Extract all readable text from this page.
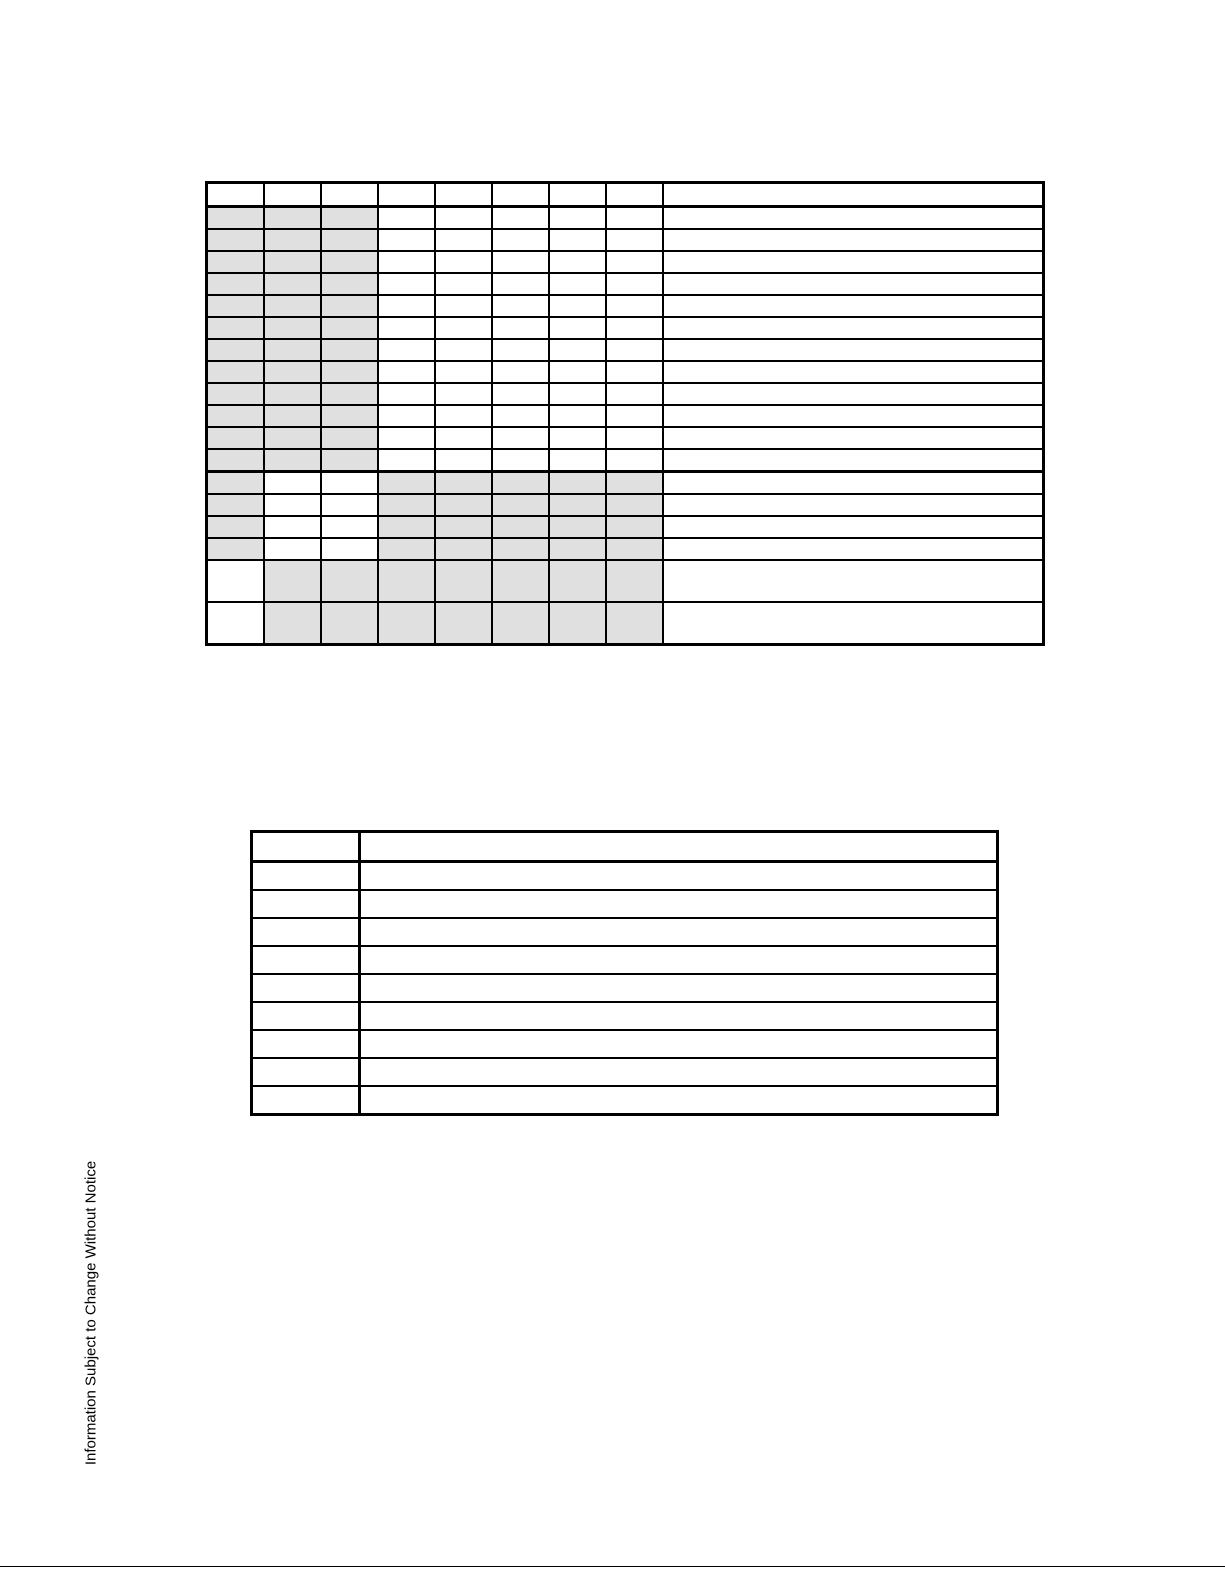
Information Subject to Change Without Notice
